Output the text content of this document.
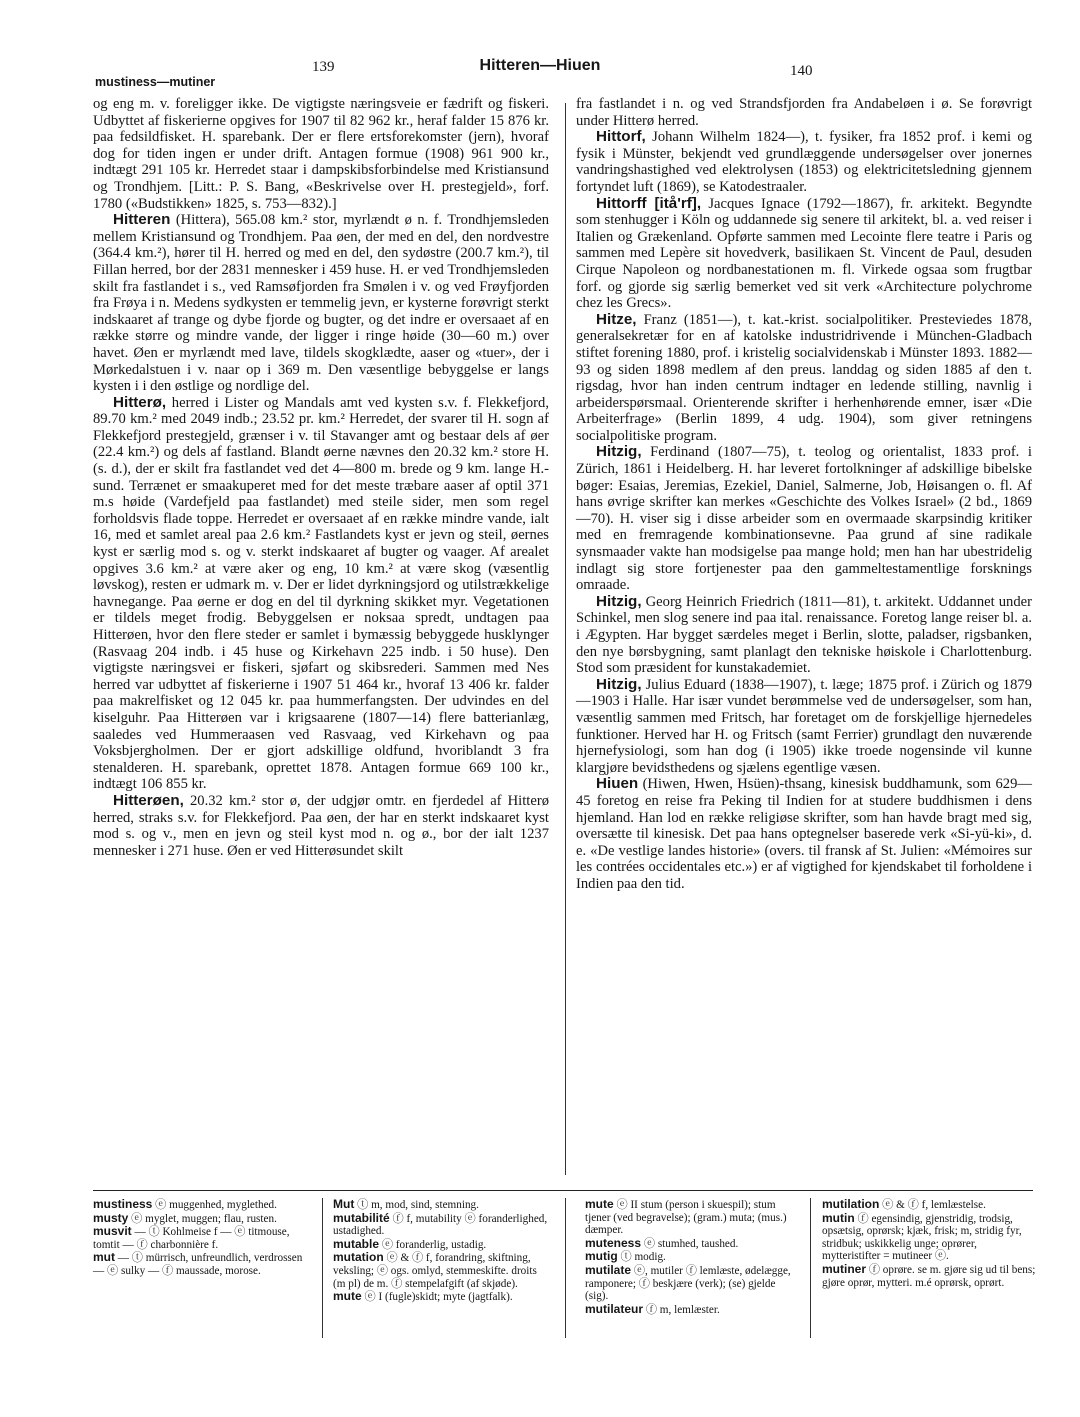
139	Hitteren—Hiuen	140
mustiness—mutiner

og eng m. v. foreligger ikke. De vigtigste næringsveie er fædrift og fiskeri. Udbyttet af fiskerierne opgives for 1907 til 82 962 kr., heraf falder 15 876 kr. paa fedsildfisket. H. sparebank. Der er flere ertsforekomster (jern), hvoraf dog for tiden ingen er under drift. Antagen formue (1908) 961 900 kr., indtægt 291 105 kr. Herredet staar i dampskibsforbindelse med Kristiansund og Trondhjem. [Litt.: P. S. Bang, «Beskrivelse over H. prestegjeld», forf. 1780 («Budstikken» 1825, s. 753—832).]

Hitteren (Hittera), 565.08 km.² stor, myrlændt ø n. f. Trondhjemsleden mellem Kristiansund og Trondhjem. Paa øen, der med en del, den nordvestre (364.4 km.²), hører til H. herred og med en del, den sydøstre (200.7 km.²), til Fillan herred, bor der 2831 mennesker i 459 huse. H. er ved Trondhjemsleden skilt fra fastlandet i s., ved Ramsøfjorden fra Smølen i v. og ved Frøyfjorden fra Frøya i n. Medens sydkysten er temmelig jevn, er kysterne forøvrigt sterkt indskaaret af trange og dybe fjorde og bugter, og det indre er oversaaet af en række større og mindre vande, der ligger i ringe høide (30—60 m.) over havet. Øen er myrlændt med lave, tildels skogklædte, aaser og «tuer», der i Mørkedalstuen i v. naar op i 369 m. Den væsentlige bebyggelse er langs kysten i i den østlige og nordlige del.

Hitterø, herred i Lister og Mandals amt ved kysten s.v. f. Flekkefjord, 89.70 km.² med 2049 indb.; 23.52 pr. km.² Herredet, der svarer til H. sogn af Flekkefjord prestegjeld, grænser i v. til Stavanger amt og bestaar dels af øer (22.4 km.²) og dels af fastland. Blandt øerne nævnes den 20.32 km.² store H. (s. d.), der er skilt fra fastlandet ved det 4—800 m. brede og 9 km. lange H.-sund. Terrænet er smaakuperet med for det meste træbare aaser af optil 371 m.s høide (Vardefjeld paa fastlandet) med steile sider, men som regel forholdsvis flade toppe. Herredet er oversaaet af en række mindre vande, ialt 16, med et samlet areal paa 2.6 km.² Fastlandets kyst er jevn og steil, øernes kyst er særlig mod s. og v. sterkt indskaaret af bugter og vaager. Af arealet opgives 3.6 km.² at være aker og eng, 10 km.² at være skog (væsentlig løvskog), resten er udmark m. v. Der er lidet dyrkningsjord og utilstrækkelige havnegange. Paa øerne er dog en del til dyrkning skikket myr. Vegetationen er tildels meget frodig. Bebyggelsen er noksaa spredt, undtagen paa Hitterøen, hvor den flere steder er samlet i bymæssig bebyggede husklynger (Rasvaag 204 indb. i 45 huse og Kirkehavn 225 indb. i 50 huse). Den vigtigste næringsvei er fiskeri, sjøfart og skibsrederi. Sammen med Nes herred var udbyttet af fiskerierne i 1907 51 464 kr., hvoraf 13 406 kr. falder paa makrelfisket og 12 045 kr. paa hummerfangsten. Der udvindes en del kiselguhr. Paa Hitterøen var i krigsaarene (1807—14) flere batterianlæg, saaledes ved Hummeraasen ved Rasvaag, ved Kirkehavn og paa Voksbjergholmen. Der er gjort adskillige oldfund, hvoriblandt 3 fra stenalderen. H. sparebank, oprettet 1878. Antagen formue 669 100 kr., indtægt 106 855 kr.

Hitterøen, 20.32 km.² stor ø, der udgjør omtr. en fjerdedel af Hitterø herred, straks s.v. for Flekkefjord. Paa øen, der har en sterkt indskaaret kyst mod s. og v., men en jevn og steil kyst mod n. og ø., bor der ialt 1237 mennesker i 271 huse. Øen er ved Hitterøsundet skilt

fra fastlandet i n. og ved Strandsfjorden fra Andabeløen i ø. Se forøvrigt under Hitterø herred.

Hittorf, Johann Wilhelm 1824—), t. fysiker, fra 1852 prof. i kemi og fysik i Münster, bekjendt ved grundlæggende undersøgelser over jonernes vandringshastighed ved elektrolysen (1853) og elektricitetsledning gjennem fortyndet luft (1869), se Katodestraaler.

Hittorff [itå'rf], Jacques Ignace (1792—1867), fr. arkitekt. Begyndte som stenhugger i Köln og uddannede sig senere til arkitekt, bl. a. ved reiser i Italien og Grækenland. Opførte sammen med Lecointe flere teatre i Paris og sammen med Lepère sit hovedverk, basilikaen St. Vincent de Paul, desuden Cirque Napoleon og nordbanestationen m. fl. Virkede ogsaa som frugtbar forf. og gjorde sig særlig bemerket ved sit verk «Architecture polychrome chez les Grecs».

Hitze, Franz (1851—), t. kat.-krist. socialpolitiker. Presteviedes 1878, generalsekretær for en af katolske industridrivende i München-Gladbach stiftet forening 1880, prof. i kristelig socialvidenskab i Münster 1893. 1882—93 og siden 1898 medlem af den preus. landdag og siden 1885 af den t. rigsdag, hvor han inden centrum indtager en ledende stilling, navnlig i arbeiderspørsmaal. Orienterende skrifter i herhenhørende emner, især «Die Arbeiterfrage» (Berlin 1899, 4 udg. 1904), som giver retningens socialpolitiske program.

Hitzig, Ferdinand (1807—75), t. teolog og orientalist, 1833 prof. i Zürich, 1861 i Heidelberg. H. har leveret fortolkninger af adskillige bibelske bøger: Esaias, Jeremias, Ezekiel, Daniel, Salmerne, Job, Høisangen o. fl. Af hans øvrige skrifter kan merkes «Geschichte des Volkes Israel» (2 bd., 1869—70). H. viser sig i disse arbeider som en overmaade skarpsindig kritiker med en fremragende kombinationsevne. Paa grund af sine radikale synsmaader vakte han modsigelse paa mange hold; men han har ubestridelig indlagt sig store fortjenester paa den gammeltestamentlige forsknings omraade.

Hitzig, Georg Heinrich Friedrich (1811—81), t. arkitekt. Uddannet under Schinkel, men slog senere ind paa ital. renaissance. Foretog lange reiser bl. a. i Ægypten. Har bygget særdeles meget i Berlin, slotte, paladser, rigsbanken, den nye børsbygning, samt planlagt den tekniske høiskole i Charlottenburg. Stod som præsident for kunstakademiet.

Hitzig, Julius Eduard (1838—1907), t. læge; 1875 prof. i Zürich og 1879—1903 i Halle. Har især vundet berømmelse ved de undersøgelser, som han, væsentlig sammen med Fritsch, har foretaget om de forskjellige hjernedeles funktioner. Herved har H. og Fritsch (samt Ferrier) grundlagt den nuværende hjernefysiologi, som han dog (i 1905) ikke troede nogensinde vil kunne klargjøre bevidsthedens og sjælens egentlige væsen.

Hiuen (Hiwen, Hwen, Hsüen)-thsang, kinesisk buddhamunk, som 629—45 foretog en reise fra Peking til Indien for at studere buddhismen i dens hjemland. Han lod en række religiøse skrifter, som han havde bragt med sig, oversætte til kinesisk. Det paa hans optegnelser baserede verk «Si-yü-ki», d. e. «De vestlige landes historie» (overs. til fransk af St. Julien: «Mémoires sur les contrées occidentales etc.») er af vigtighed for kjendskabet til forholdene i Indien paa den tid.

mustiness ⓔ muggenhed, myglethed.

musty ⓔ myglet, muggen; flau, rusten.

musvit — ⓣ Kohlmeise f — ⓔ titmouse, tomtit — ⓕ charbonnière f.

mut — ⓣ mürrisch, unfreundlich, verdrossen — ⓔ sulky — ⓕ maussade, morose.

Mut ⓣ m, mod, sind, stemning.

mutabilité ⓕ f, mutability ⓔ foranderlighed, ustadighed.

mutable ⓔ foranderlig, ustadig.

mutation ⓔ & ⓕ f, forandring, skiftning, veksling; ⓔ ogs. omlyd, stemmeskifte. droits (m pl) de m. ⓕ stempelafgift (af skjøde).

mute ⓔ I (fugle)skidt; myte (jagtfalk).

mute ⓔ II stum (person i skuespil); stum tjener (ved begravelse); (gram.) muta; (mus.) dæmper.

muteness ⓔ stumhed, taushed.

mutig ⓣ modig.

mutilate ⓔ, mutiler ⓕ lemlæste, ødelægge, ramponere; ⓕ beskjære (verk); (se) gjelde (sig).

mutilateur ⓕ m, lemlæster.

mutilation ⓔ & ⓕ f, lemlæstelse.

mutin ⓕ egensindig, gjenstridig, trodsig, opsætsig, oprørsk; kjæk, frisk; m, stridig fyr, stridbuk; uskikkelig unge; oprører, mytteristifter = mutineer ⓔ.

mutiner ⓕ oprøre. se m. gjøre sig ud til bens; gjøre oprør, mytteri. m.é oprørsk, oprørt.
